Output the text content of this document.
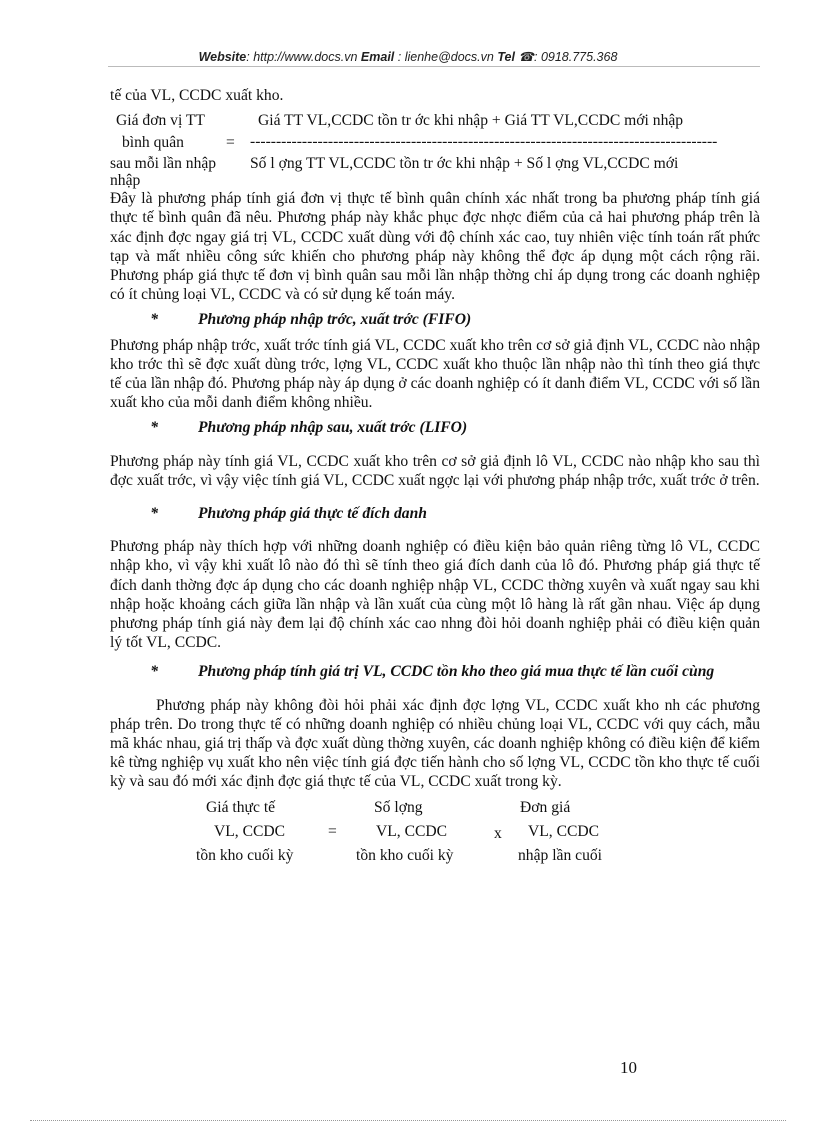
Website: http://www.docs.vn Email : lienhe@docs.vn Tel ☎: 0918.775.368

tế của VL, CCDC xuất kho.

Giá đơn vị TT	Giá TT VL,CCDC tồn tr ớc khi nhập + Giá TT VL,CCDC mới nhập
bình quân	= ------------------------------------------------------------------------------------------
sau mỗi lần nhập Số l ợng TT VL,CCDC tồn tr ớc khi nhập + Số l ợng VL,CCDC mới
nhập

Đây là phương pháp tính giá đơn vị thực tế bình quân chính xác nhất trong ba phương pháp tính giá thực tế bình quân đã nêu. Phương pháp này khắc phục đợc nhợc điểm của cả hai phương pháp trên là xác định đợc ngay giá trị VL, CCDC xuất dùng với độ chính xác cao, tuy nhiên việc tính toán rất phức tạp và mất nhiều công sức khiến cho phương pháp này không thể đợc áp dụng một cách rộng rãi. Phương pháp giá thực tế đơn vị bình quân sau mỗi lần nhập thờng chỉ áp dụng trong các doanh nghiệp có ít chủng loại VL, CCDC và có sử dụng kế toán máy.

*	Phương pháp nhập trớc, xuất trớc (FIFO)

Phương pháp nhập trớc, xuất trớc tính giá VL, CCDC xuất kho trên cơ sở giả định VL, CCDC nào nhập kho trớc thì sẽ đợc xuất dùng trớc, lợng VL, CCDC xuất kho thuộc lần nhập nào thì tính theo giá thực tế của lần nhập đó. Phương pháp này áp dụng ở các doanh nghiệp có ít danh điểm VL, CCDC với số lần xuất kho của mỗi danh điểm không nhiều.

*	Phương pháp nhập sau, xuất trớc (LIFO)

Phương pháp này tính giá VL, CCDC xuất kho trên cơ sở giả định lô VL, CCDC nào nhập kho sau thì đợc xuất trớc, vì vậy việc tính giá VL, CCDC xuất ngợc lại với phương pháp nhập trớc, xuất trớc ở trên.

*	Phương pháp giá thực tế đích danh

Phương pháp này thích hợp với những doanh nghiệp có điều kiện bảo quản riêng từng lô VL, CCDC nhập kho, vì vậy khi xuất lô nào đó thì sẽ tính theo giá đích danh của lô đó. Phương pháp giá thực tế đích danh thờng đợc áp dụng cho các doanh nghiệp nhập VL, CCDC thờng xuyên và xuất ngay sau khi nhập hoặc khoảng cách giữa lần nhập và lần xuất của cùng một lô hàng là rất gần nhau. Việc áp dụng phương pháp tính giá này đem lại độ chính xác cao nhng đòi hỏi doanh nghiệp phải có điều kiện quản lý tốt VL, CCDC.

*	Phương pháp tính giá trị VL, CCDC tồn kho theo giá mua thực tế lần cuối cùng

Phương pháp này không đòi hỏi phải xác định đợc lợng VL, CCDC xuất kho nh các phương pháp trên. Do trong thực tế có những doanh nghiệp có nhiều chủng loại VL, CCDC với quy cách, mẫu mã khác nhau, giá trị thấp và đợc xuất dùng thờng xuyên, các doanh nghiệp không có điều kiện để kiểm kê từng nghiệp vụ xuất kho nên việc tính giá đợc tiến hành cho số lợng VL, CCDC tồn kho thực tế cuối kỳ và sau đó mới xác định đợc giá thực tế của VL, CCDC xuất trong kỳ.

Giá thực tế
VL, CCDC
tồn kho cuối kỳ
=
Số lợng
VL, CCDC
tồn kho cuối kỳ
x
Đơn giá
VL, CCDC
nhập lần cuối
10
